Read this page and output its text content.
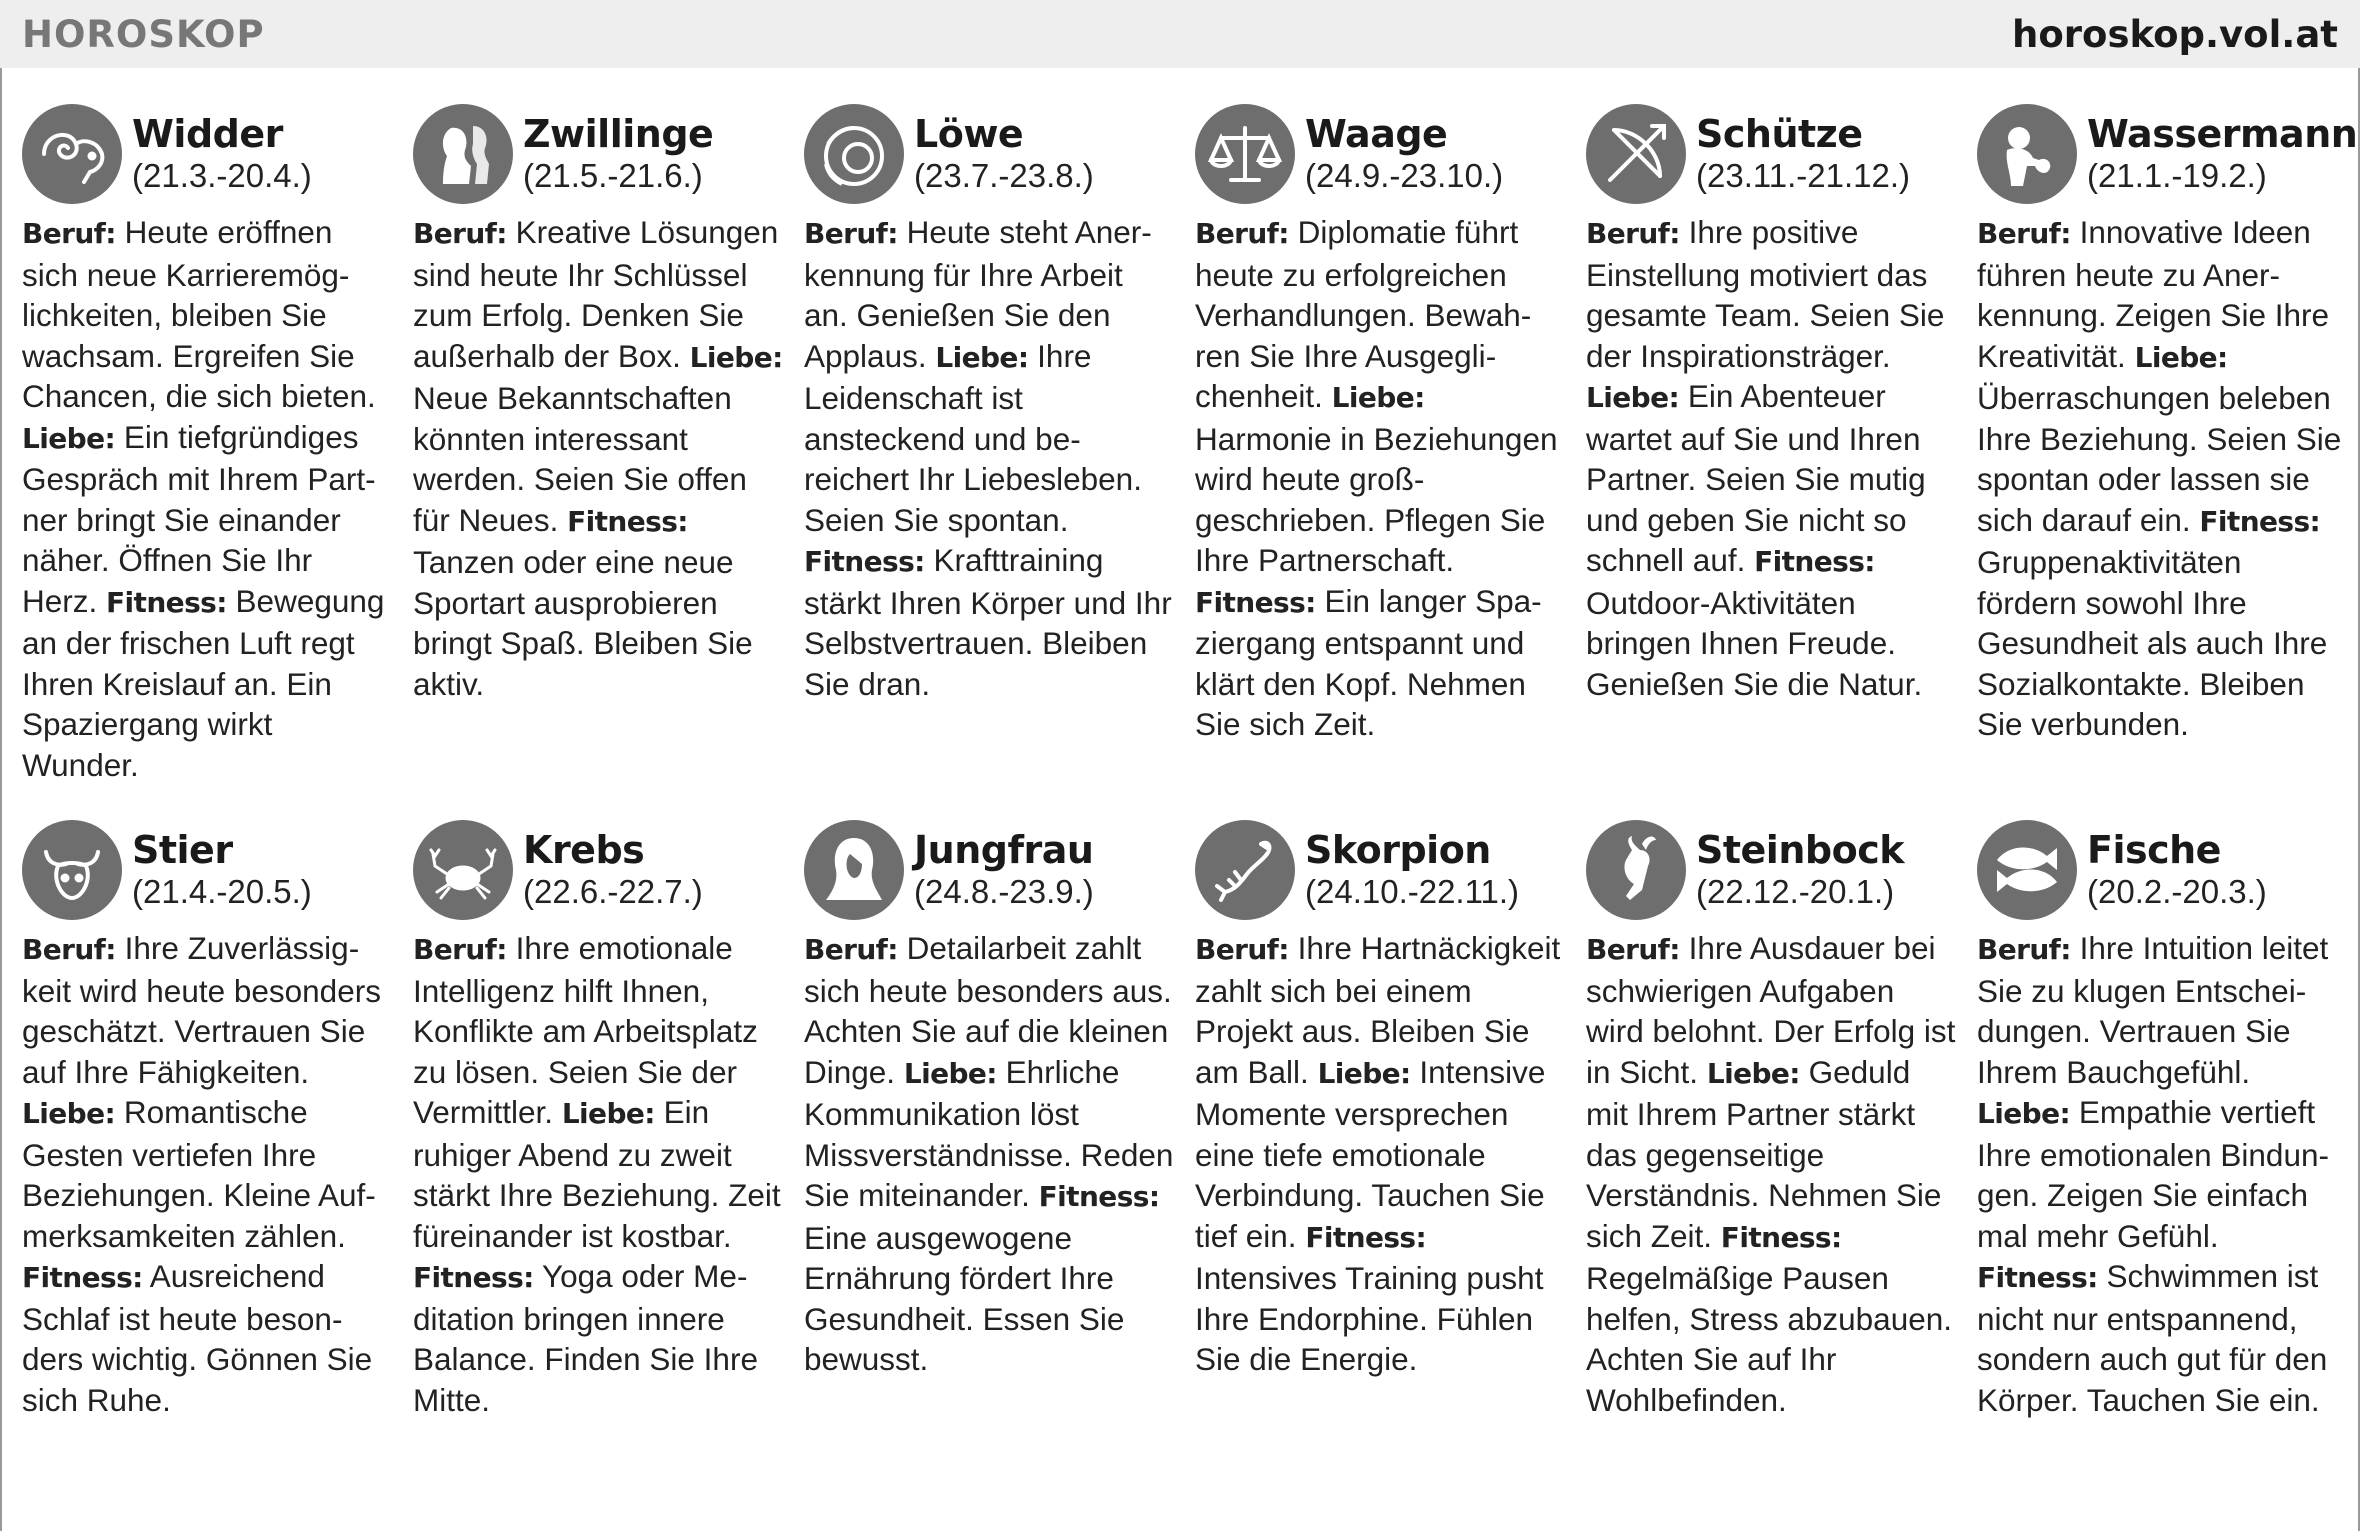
HOROSKOP	horoskop.vol.at
Widder
(21.3.-20.4.)
Beruf: Heute eröffnen sich neue Karrieremöglichkeiten, bleiben Sie wachsam. Ergreifen Sie Chancen, die sich bieten. Liebe: Ein tiefgründiges Gespräch mit Ihrem Partner bringt Sie einander näher. Öffnen Sie Ihr Herz. Fitness: Bewegung an der frischen Luft regt Ihren Kreislauf an. Ein Spaziergang wirkt Wunder.
Zwillinge
(21.5.-21.6.)
Beruf: Kreative Lösungen sind heute Ihr Schlüssel zum Erfolg. Denken Sie außerhalb der Box. Liebe: Neue Bekanntschaften könnten interessant werden. Seien Sie offen für Neues. Fitness: Tanzen oder eine neue Sportart ausprobieren bringt Spaß. Bleiben Sie aktiv.
Löwe
(23.7.-23.8.)
Beruf: Heute steht Anerkennung für Ihre Arbeit an. Genießen Sie den Applaus. Liebe: Ihre Leidenschaft ist ansteckend und bereichert Ihr Liebesleben. Seien Sie spontan. Fitness: Krafttraining stärkt Ihren Körper und Ihr Selbstvertrauen. Bleiben Sie dran.
Waage
(24.9.-23.10.)
Beruf: Diplomatie führt heute zu erfolgreichen Verhandlungen. Bewahren Sie Ihre Ausgeglichenheit. Liebe: Harmonie in Beziehungen wird heute großgeschrieben. Pflegen Sie Ihre Partnerschaft. Fitness: Ein langer Spaziergang entspannt und klärt den Kopf. Nehmen Sie sich Zeit.
Schütze
(23.11.-21.12.)
Beruf: Ihre positive Einstellung motiviert das gesamte Team. Seien Sie der Inspirationsträger. Liebe: Ein Abenteuer wartet auf Sie und Ihren Partner. Seien Sie mutig und geben Sie nicht so schnell auf. Fitness: Outdoor-Aktivitäten bringen Ihnen Freude. Genießen Sie die Natur.
Wassermann
(21.1.-19.2.)
Beruf: Innovative Ideen führen heute zu Anerkennung. Zeigen Sie Ihre Kreativität. Liebe: Überraschungen beleben Ihre Beziehung. Seien Sie spontan oder lassen sie sich darauf ein. Fitness: Gruppenaktivitäten fördern sowohl Ihre Gesundheit als auch Ihre Sozialkontakte. Bleiben Sie verbunden.
Stier
(21.4.-20.5.)
Beruf: Ihre Zuverlässigkeit wird heute besonders geschätzt. Vertrauen Sie auf Ihre Fähigkeiten. Liebe: Romantische Gesten vertiefen Ihre Beziehungen. Kleine Aufmerksamkeiten zählen. Fitness: Ausreichend Schlaf ist heute besonders wichtig. Gönnen Sie sich Ruhe.
Krebs
(22.6.-22.7.)
Beruf: Ihre emotionale Intelligenz hilft Ihnen, Konflikte am Arbeitsplatz zu lösen. Seien Sie der Vermittler. Liebe: Ein ruhiger Abend zu zweit stärkt Ihre Beziehung. Zeit füreinander ist kostbar. Fitness: Yoga oder Meditation bringen innere Balance. Finden Sie Ihre Mitte.
Jungfrau
(24.8.-23.9.)
Beruf: Detailarbeit zahlt sich heute besonders aus. Achten Sie auf die kleinen Dinge. Liebe: Ehrliche Kommunikation löst Missverständnisse. Reden Sie miteinander. Fitness: Eine ausgewogene Ernährung fördert Ihre Gesundheit. Essen Sie bewusst.
Skorpion
(24.10.-22.11.)
Beruf: Ihre Hartnäckigkeit zahlt sich bei einem Projekt aus. Bleiben Sie am Ball. Liebe: Intensive Momente versprechen eine tiefe emotionale Verbindung. Tauchen Sie tief ein. Fitness: Intensives Training pusht Ihre Endorphine. Fühlen Sie die Energie.
Steinbock
(22.12.-20.1.)
Beruf: Ihre Ausdauer bei schwierigen Aufgaben wird belohnt. Der Erfolg ist in Sicht. Liebe: Geduld mit Ihrem Partner stärkt das gegenseitige Verständnis. Nehmen Sie sich Zeit. Fitness: Regelmäßige Pausen helfen, Stress abzubauen. Achten Sie auf Ihr Wohlbefinden.
Fische
(20.2.-20.3.)
Beruf: Ihre Intuition leitet Sie zu klugen Entscheidungen. Vertrauen Sie Ihrem Bauchgefühl. Liebe: Empathie vertieft Ihre emotionalen Bindungen. Zeigen Sie einfach mal mehr Gefühl. Fitness: Schwimmen ist nicht nur entspannend, sondern auch gut für den Körper. Tauchen Sie ein.
